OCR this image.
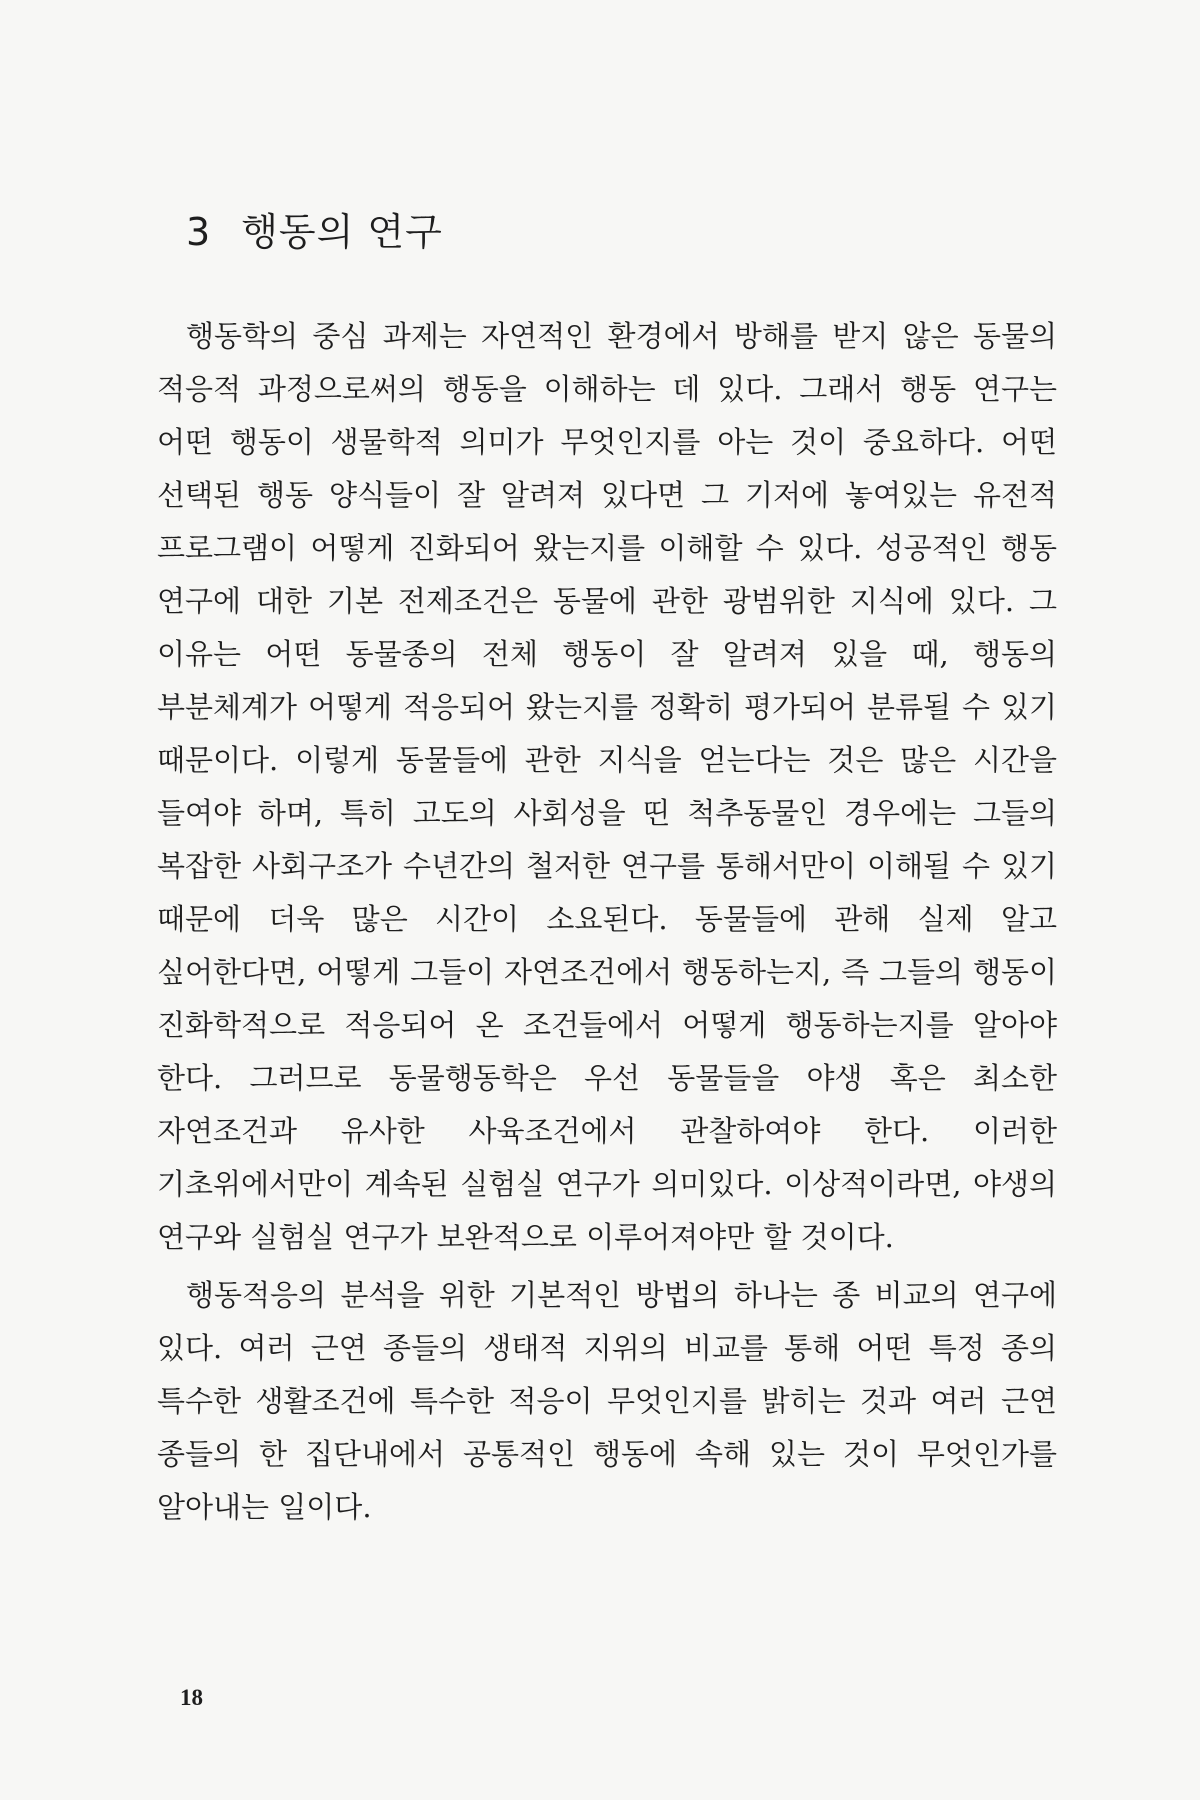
3 행동의 연구

행동학의 중심 과제는 자연적인 환경에서 방해를 받지 않은 동물의 적응적 과정으로써의 행동을 이해하는 데 있다. 그래서 행동 연구는 어떤 행동이 생물학적 의미가 무엇인지를 아는 것이 중요하다. 어떤 선택된 행동 양식들이 잘 알려져 있다면 그 기저에 놓여있는 유전적 프로그램이 어떻게 진화되어 왔는지를 이해할 수 있다. 성공적인 행동 연구에 대한 기본 전제조건은 동물에 관한 광범위한 지식에 있다. 그 이유는 어떤 동물종의 전체 행동이 잘 알려져 있을 때, 행동의 부분체계가 어떻게 적응되어 왔는지를 정확히 평가되어 분류될 수 있기 때문이다. 이렇게 동물들에 관한 지식을 얻는다는 것은 많은 시간을 들여야 하며, 특히 고도의 사회성을 띤 척추동물인 경우에는 그들의 복잡한 사회구조가 수년간의 철저한 연구를 통해서만이 이해될 수 있기 때문에 더욱 많은 시간이 소요된다. 동물들에 관해 실제 알고 싶어한다면, 어떻게 그들이 자연조건에서 행동하는지, 즉 그들의 행동이 진화학적으로 적응되어 온 조건들에서 어떻게 행동하는지를 알아야 한다. 그러므로 동물행동학은 우선 동물들을 야생 혹은 최소한 자연조건과 유사한 사육조건에서 관찰하여야 한다. 이러한 기초위에서만이 계속된 실험실 연구가 의미있다. 이상적이라면, 야생의 연구와 실험실 연구가 보완적으로 이루어져야만 할 것이다.

행동적응의 분석을 위한 기본적인 방법의 하나는 종 비교의 연구에 있다. 여러 근연 종들의 생태적 지위의 비교를 통해 어떤 특정 종의 특수한 생활조건에 특수한 적응이 무엇인지를 밝히는 것과 여러 근연 종들의 한 집단내에서 공통적인 행동에 속해 있는 것이 무엇인가를 알아내는 일이다.

18
